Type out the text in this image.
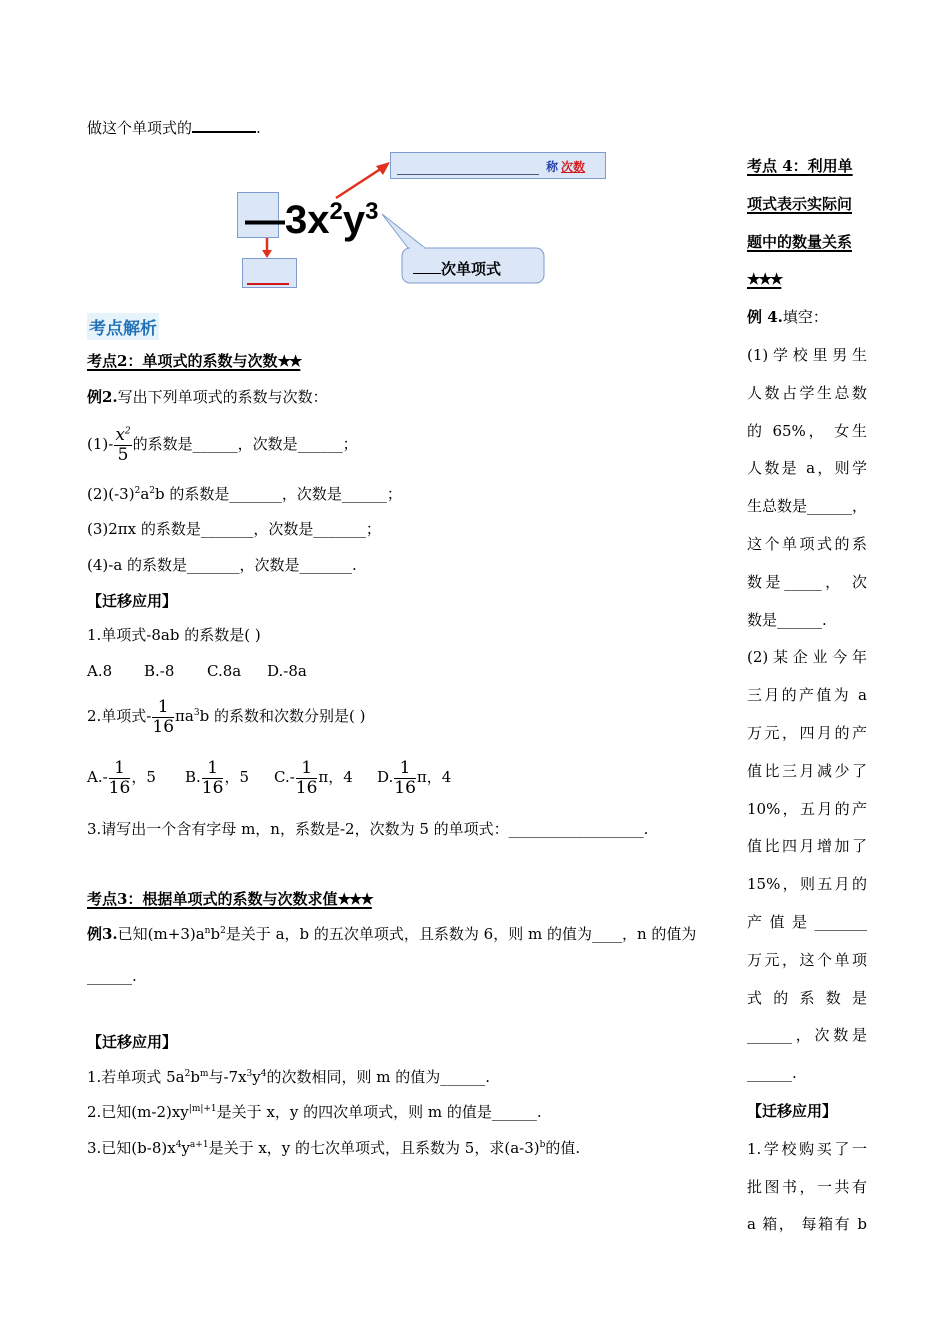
做这个单项式的	.
称 次数
$—3x^2y^3$
次单项式
考点解析
考点2：单项式的系数与次数★★
例2.写出下列单项式的系数与次数：
$(1)- \frac{x^2}{5}$ 的系数是______，次数是______；
$(2)(-3)^2a^2b$ 的系数是_______，次数是______；
(3)2πx 的系数是_______，次数是_______；
(4)-a 的系数是_______，次数是_______.
【迁移应用】
1.单项式-8ab 的系数是( )
A.8 B.-8 C.8a D.-8a
2.单项式- $\frac{1}{16} \pi a^3b$ 的系数和次数分别是( )
$A.- \frac{1}{16}$ ，5 B. $\frac{1}{16}$ ，5 $C.- \frac{1}{16}$ π，4 D. $\frac{1}{16}$ π，4
3.请写出一个含有字母 m，n，系数是-2，次数为 5 的单项式：__________________.
考点3：根据单项式的系数与次数求值★★★
例3.已知$(m+3)a^nb^2$是关于 a，b 的五次单项式，且系数为 6，则 m 的值为____，n 的值为
______.
【迁移应用】
1.若单项式 $5a^2b^m$与$-7x^3y^4$的次数相同，则 m 的值为______.
2.已知$(m-2)xy^{|m|+1}$是关于 x，y 的四次单项式，则 m 的值是______.
3.已知$(b-8)x^4y^{a+1}$是关于 x，y 的七次单项式，且系数为 5，求$(a-3)^b$的值.
考点 4：利用单
项式表示实际问
题中的数量关系
★★★
例 4.填空：
(1)学校里男生
人数占学生总数
的 65%， 女生
人数是 a，则学
生总数是______，
这个单项式的系
数是_____， 次
数是______.
(2)某企业今年
三月的产值为 a
万元，四月的产
值比三月减少了
10%，五月的产
值比四月增加了
15%，则五月的
产值是_______
万元，这个单项
式 的 系 数 是
______，次数是
______.
【迁移应用】
1.学校购买了一
批图书，一共有
a 箱， 每箱有 b
